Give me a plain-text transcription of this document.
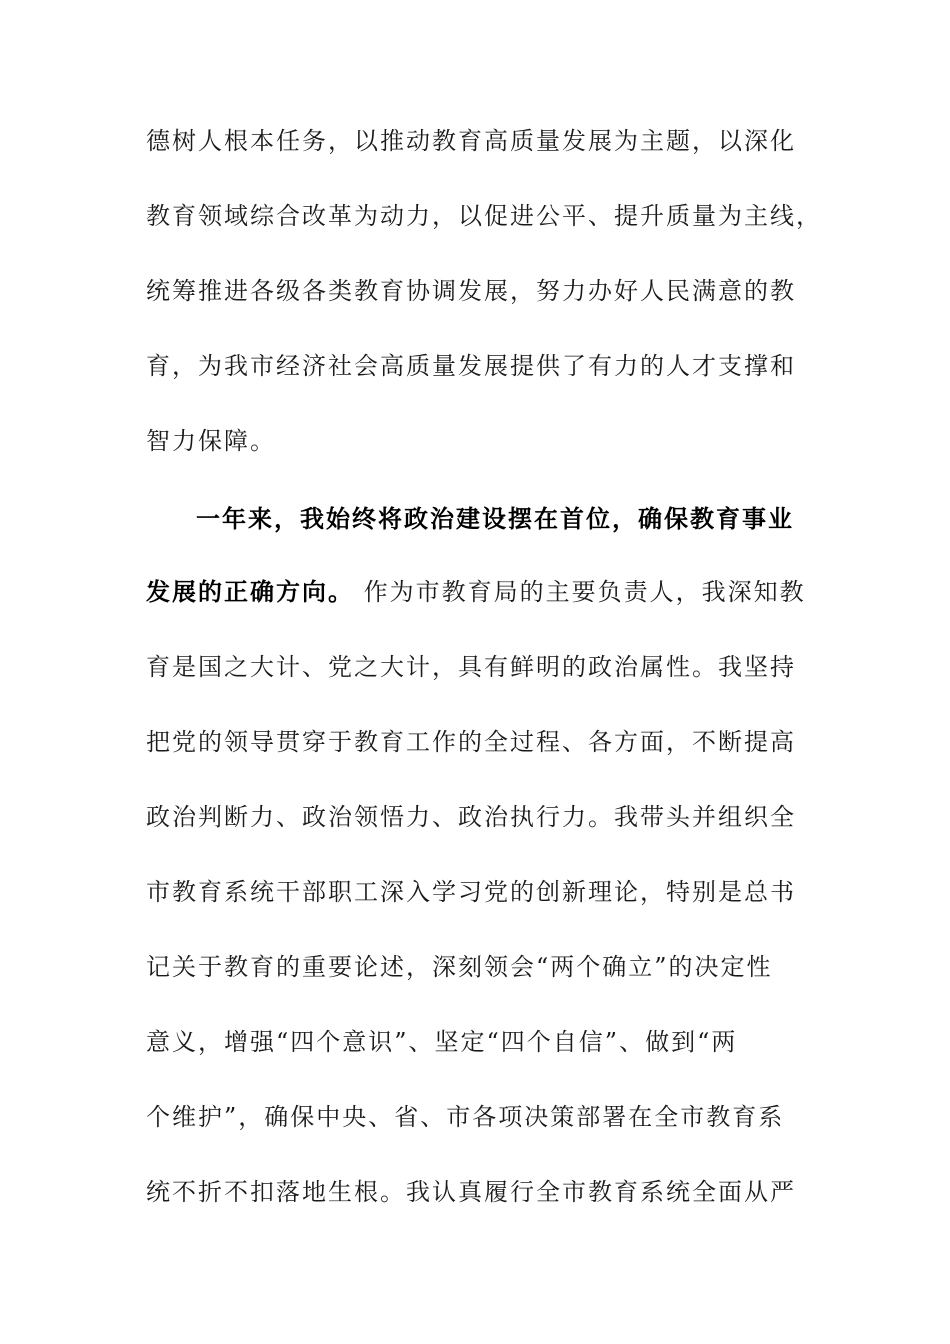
德树人根本任务，以推动教育高质量发展为主题，以深化
教育领域综合改革为动力，以促进公平、提升质量为主线，
统筹推进各级各类教育协调发展，努力办好人民满意的教
育，为我市经济社会高质量发展提供了有力的人才支撑和
智力保障。
一年来，我始终将政治建设摆在首位，确保教育事业
发展的正确方向。 作为市教育局的主要负责人，我深知教
育是国之大计、党之大计，具有鲜明的政治属性。我坚持
把党的领导贯穿于教育工作的全过程、各方面，不断提高
政治判断力、政治领悟力、政治执行力。我带头并组织全
市教育系统干部职工深入学习党的创新理论，特别是总书
记关于教育的重要论述，深刻领会“两个确立”的决定性
意义，增强“四个意识”、坚定“四个自信”、做到“两
个维护”，确保中央、省、市各项决策部署在全市教育系
统不折不扣落地生根。我认真履行全市教育系统全面从严
